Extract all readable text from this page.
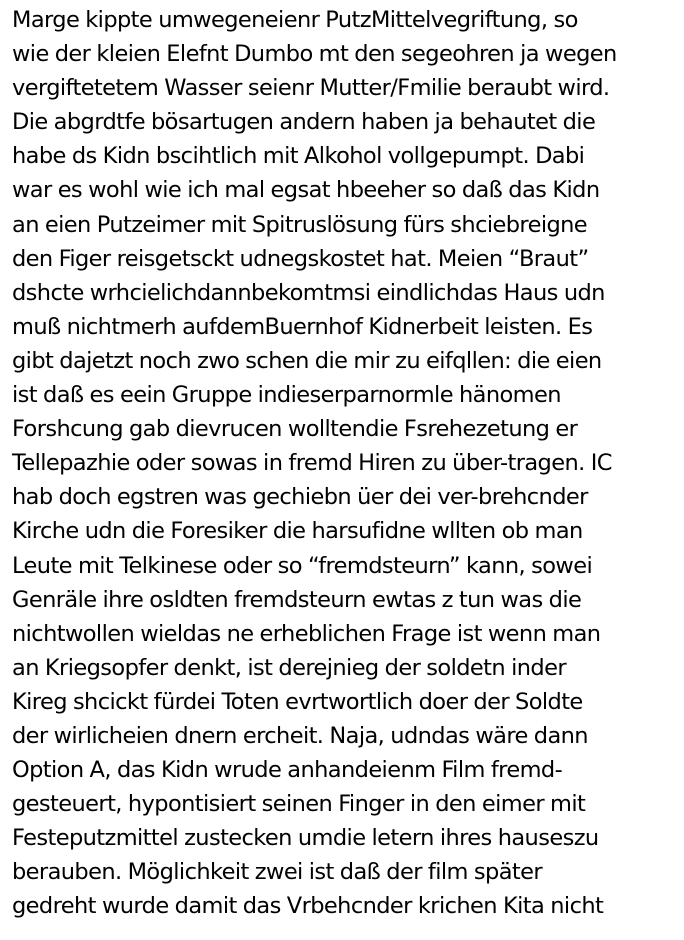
Marge kippte umwegeneienr PutzMittelvegriftung, so
wie der kleien Elefnt Dumbo mt den segeohren ja wegen
vergiftetetem Wasser seienr Mutter/Fmilie beraubt wird.
Die abgrdtfe bösartugen andern haben ja behautet die
habe ds Kidn bscihtlich mit Alkohol vollgepumpt. Dabi
war es wohl wie ich mal egsat hbeeher so daß das Kidn
an eien Putzeimer mit Spitruslösung fürs shciebreigne
den Figer reisgetsckt udnegskostet hat. Meien “Braut”
dshcte wrhcielichdannbekomtmsi eindlichdas Haus udn
muß nichtmerh aufdemBuernhof Kidnerbeit leisten. Es
gibt dajetzt noch zwo schen die mir zu eifqllen: die eien
ist daß es eein Gruppe indieserparnormle hänomen
Forshcung gab dievrucen wolltendie Fsrehezetung er
Tellepazhie oder sowas in fremd Hiren zu über-tragen. IC
hab doch egstren was gechiebn üer dei ver-brehcnder
Kirche udn die Foresiker die harsufidne wllten ob man
Leute mit Telkinese oder so “fremdsteurn” kann, sowei
Genräle ihre osldten fremdsteurn ewtas z tun was die
nichtwollen wieldas ne erheblichen Frage ist wenn man
an Kriegsopfer denkt, ist derejnieg der soldetn inder
Kireg shcickt fürdei Toten evrtwortlich doer der Soldte
der wirlicheien dnern ercheit. Naja, udndas wäre dann
Option A, das Kidn wrude anhandeienm Film fremd-
gesteuert, hypontisiert seinen Finger in den eimer mit
Festeputzmittel zustecken umdie letern ihres hauseszu
berauben. Möglichkeit zwei ist daß der film später
gedreht wurde damit das Vrbehcnder krichen Kita nicht
